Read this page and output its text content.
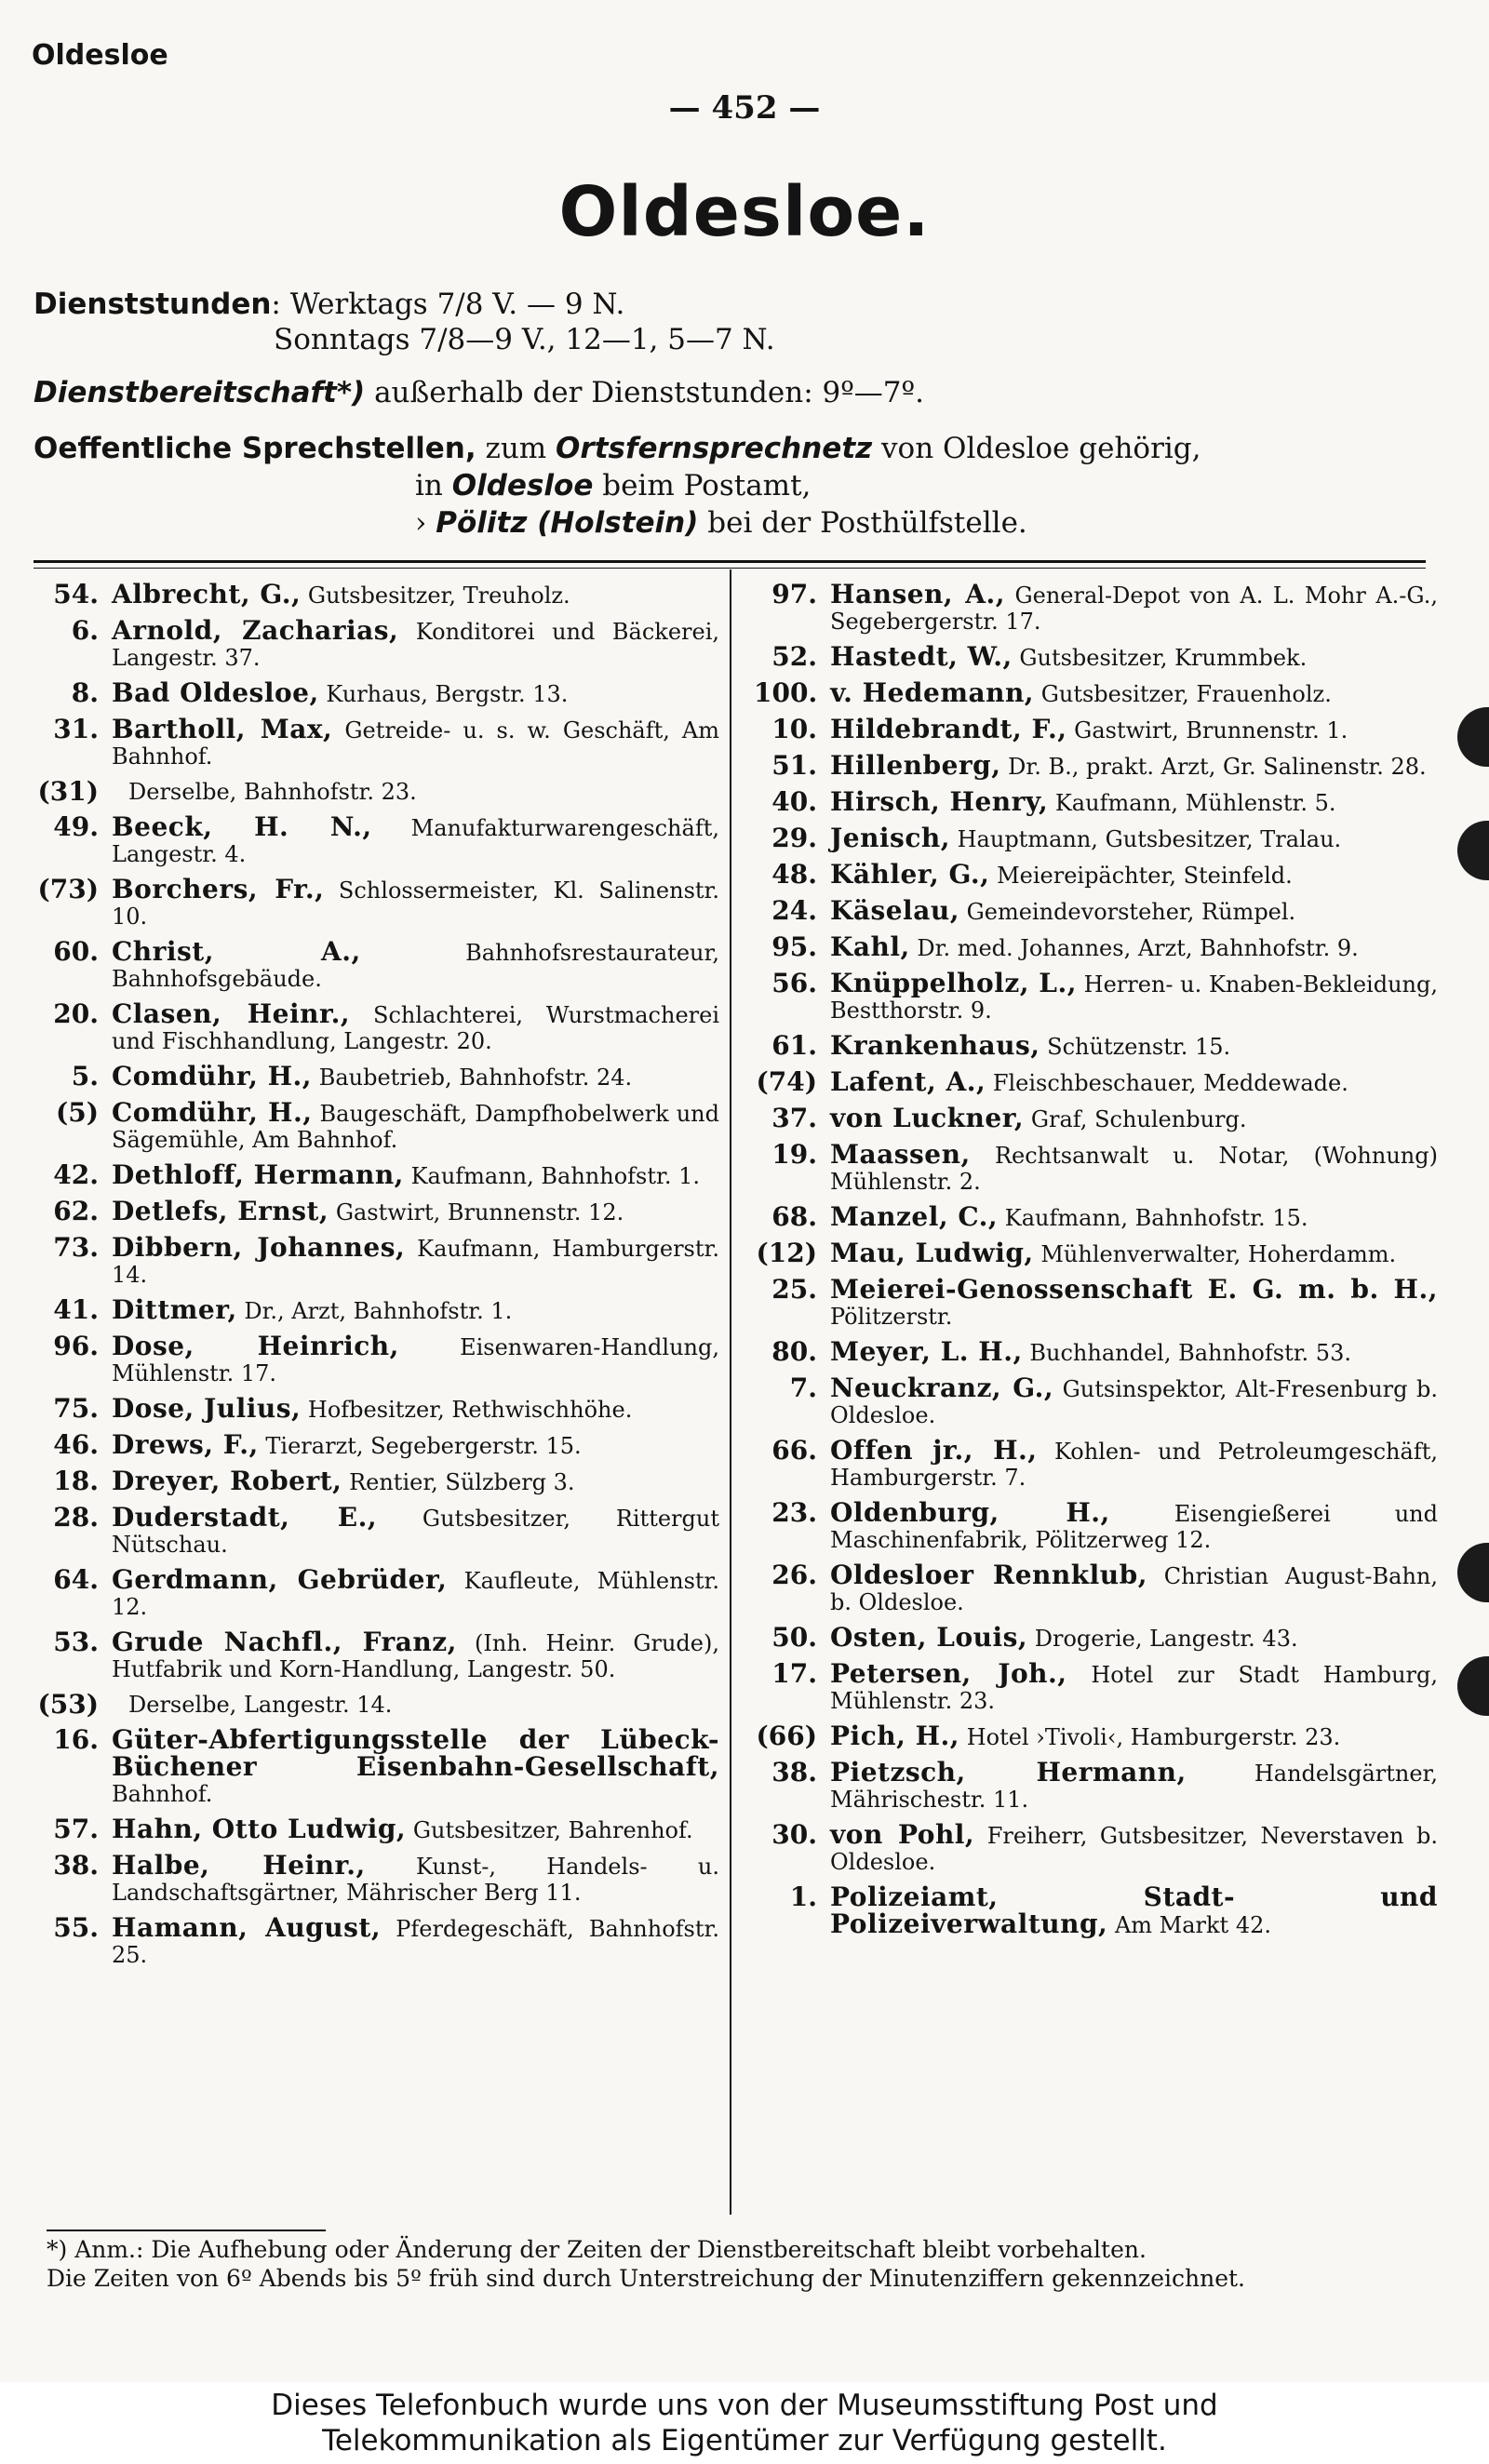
Oldesloe
— 452 —
Oldesloe.
Dienststunden: Werktags 7/8 V. — 9 N.
Sonntags 7/8—9 V., 12—1, 5—7 N.
Dienstbereitschaft*) außerhalb der Dienststunden: 9º—7º.
Oeffentliche Sprechstellen, zum Ortsfernsprechnetz von Oldesloe gehörig,
in Oldesloe beim Postamt,
› Pölitz (Holstein) bei der Posthülfstelle.
54. Albrecht, G., Gutsbesitzer, Treuholz.
6. Arnold, Zacharias, Konditorei und Bäckerei, Langestr. 37.
8. Bad Oldesloe, Kurhaus, Bergstr. 13.
31. Bartholl, Max, Getreide- u. s. w. Geschäft, Am Bahnhof.
(31)	Derselbe, Bahnhofstr. 23.
49. Beeck, H. N., Manufakturwarengeschäft, Langestr. 4.
(73) Borchers, Fr., Schlossermeister, Kl. Salinenstr. 10.
60. Christ, A.,	Bahnhofsrestaurateur, Bahnhofsgebäude.
20. Clasen, Heinr., Schlachterei, Wurstmacherei und Fischhandlung, Langestr. 20.
5. Comdühr, H., Baubetrieb, Bahnhofstr. 24.
(5) Comdühr, H., Baugeschäft, Dampfhobelwerk und Sägemühle, Am Bahnhof.
42. Dethloff, Hermann, Kaufmann, Bahnhofstr. 1.
62. Detlefs, Ernst, Gastwirt, Brunnenstr. 12.
73. Dibbern, Johannes, Kaufmann, Hamburgerstr. 14.
41. Dittmer, Dr., Arzt, Bahnhofstr. 1.
96. Dose, Heinrich,	Eisenwaren-Handlung, Mühlenstr. 17.
75. Dose, Julius, Hofbesitzer, Rethwischhöhe.
46. Drews, F., Tierarzt, Segebergerstr. 15.
18. Dreyer, Robert, Rentier, Sülzberg 3.
28. Duderstadt, E., Gutsbesitzer, Rittergut Nütschau.
64. Gerdmann, Gebrüder, Kaufleute, Mühlenstr. 12.
53. Grude Nachfl., Franz, (Inh. Heinr. Grude), Hutfabrik und Korn-Handlung, Langestr. 50.
(53)	Derselbe, Langestr. 14.
16. Güter-Abfertigungsstelle der Lübeck-Büchener Eisenbahn-Gesellschaft, Bahnhof.
57. Hahn, Otto Ludwig, Gutsbesitzer, Bahrenhof.
38. Halbe, Heinr., Kunst-, Handels- u. Landschaftsgärtner, Mährischer Berg 11.
55. Hamann, August, Pferdegeschäft, Bahnhofstr. 25.
97. Hansen, A., General-Depot von A. L. Mohr A.-G., Segebergerstr. 17.
52. Hastedt, W., Gutsbesitzer, Krummbek.
100. v. Hedemann, Gutsbesitzer, Frauenholz.
10. Hildebrandt, F., Gastwirt, Brunnenstr. 1.
51. Hillenberg, Dr. B., prakt. Arzt, Gr. Salinenstr. 28.
40. Hirsch, Henry, Kaufmann, Mühlenstr. 5.
29. Jenisch, Hauptmann, Gutsbesitzer, Tralau.
48. Kähler, G., Meiereipächter, Steinfeld.
24. Käselau, Gemeindevorsteher, Rümpel.
95. Kahl, Dr. med. Johannes, Arzt, Bahnhofstr. 9.
56. Knüppelholz, L., Herren- u. Knaben-Bekleidung, Bestthorstr. 9.
61. Krankenhaus, Schützenstr. 15.
(74) Lafent, A., Fleischbeschauer, Meddewade.
37. von Luckner, Graf, Schulenburg.
19. Maassen, Rechtsanwalt u. Notar, (Wohnung) Mühlenstr. 2.
68. Manzel, C., Kaufmann, Bahnhofstr. 15.
(12) Mau, Ludwig, Mühlenverwalter, Hoherdamm.
25. Meierei-Genossenschaft E. G. m. b. H., Pölitzerstr.
80. Meyer, L. H., Buchhandel, Bahnhofstr. 53.
7. Neuckranz, G., Gutsinspektor, Alt-Fresenburg b. Oldesloe.
66. Offen jr., H., Kohlen- und Petroleumgeschäft, Hamburgerstr. 7.
23. Oldenburg, H.,	Eisengießerei und Maschinenfabrik, Pölitzerweg 12.
26. Oldesloer Rennklub, Christian August-Bahn, b. Oldesloe.
50. Osten, Louis, Drogerie, Langestr. 43.
17. Petersen, Joh., Hotel zur Stadt Hamburg, Mühlenstr. 23.
(66) Pich, H., Hotel ›Tivoli‹, Hamburgerstr. 23.
38. Pietzsch, Hermann,	Handelsgärtner, Mährischestr. 11.
30. von Pohl, Freiherr, Gutsbesitzer, Neverstaven b. Oldesloe.
1. Polizeiamt, Stadt- und Polizeiverwaltung, Am Markt 42.
*) Anm.: Die Aufhebung oder Änderung der Zeiten der Dienstbereitschaft bleibt vorbehalten.
Die Zeiten von 6º Abends bis 5º früh sind durch Unterstreichung der Minutenziffern gekennzeichnet.
Dieses Telefonbuch wurde uns von der Museumsstiftung Post und
Telekommunikation als Eigentümer zur Verfügung gestellt.
